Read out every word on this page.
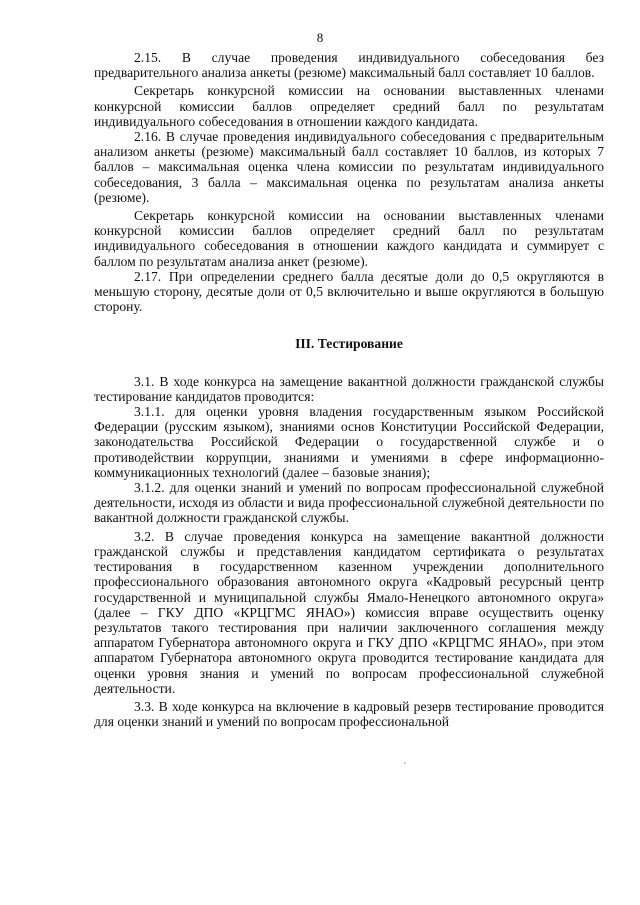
8

2.15. В случае проведения индивидуального собеседования без предварительного анализа анкеты (резюме) максимальный балл составляет 10 баллов.

Секретарь конкурсной комиссии на основании выставленных членами конкурсной комиссии баллов определяет средний балл по результатам индивидуального собеседования в отношении каждого кандидата.

2.16. В случае проведения индивидуального собеседования с предварительным анализом анкеты (резюме) максимальный балл составляет 10 баллов, из которых 7 баллов – максимальная оценка члена комиссии по результатам индивидуального собеседования, 3 балла – максимальная оценка по результатам анализа анкеты (резюме).

Секретарь конкурсной комиссии на основании выставленных членами конкурсной комиссии баллов определяет средний балл по результатам индивидуального собеседования в отношении каждого кандидата и суммирует с баллом по результатам анализа анкет (резюме).

2.17. При определении среднего балла десятые доли до 0,5 округляются в меньшую сторону, десятые доли от 0,5 включительно и выше округляются в большую сторону.

III. Тестирование

3.1. В ходе конкурса на замещение вакантной должности гражданской службы тестирование кандидатов проводится:

3.1.1. для оценки уровня владения государственным языком Российской Федерации (русским языком), знаниями основ Конституции Российской Федерации, законодательства Российской Федерации о государственной службе и о противодействии коррупции, знаниями и умениями в сфере информационно-коммуникационных технологий (далее – базовые знания);

3.1.2. для оценки знаний и умений по вопросам профессиональной служебной деятельности, исходя из области и вида профессиональной служебной деятельности по вакантной должности гражданской службы.

3.2. В случае проведения конкурса на замещение вакантной должности гражданской службы и представления кандидатом сертификата о результатах тестирования в государственном казенном учреждении дополнительного профессионального образования автономного округа «Кадровый ресурсный центр государственной и муниципальной службы Ямало-Ненецкого автономного округа» (далее – ГКУ ДПО «КРЦГМС ЯНАО») комиссия вправе осуществить оценку результатов такого тестирования при наличии заключенного соглашения между аппаратом Губернатора автономного округа и ГКУ ДПО «КРЦГМС ЯНАО», при этом аппаратом Губернатора автономного округа проводится тестирование кандидата для оценки уровня знания и умений по вопросам профессиональной служебной деятельности.

3.3. В ходе конкурса на включение в кадровый резерв тестирование проводится для оценки знаний и умений по вопросам профессиональной
